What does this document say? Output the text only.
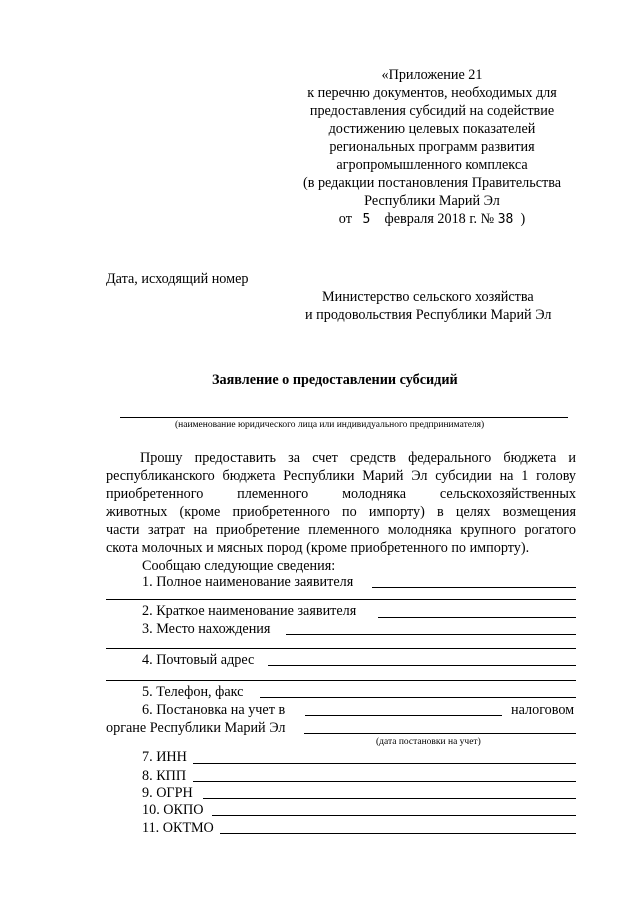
«Приложение 21
к перечню документов, необходимых для
предоставления субсидий на содействие
достижению целевых показателей
региональных программ развития
агропромышленного комплекса
(в редакции постановления Правительства
Республики Марий Эл
от 5 февраля 2018 г. № 38 )
Дата, исходящий номер
Министерство сельского хозяйства
и продовольствия Республики Марий Эл
Заявление о предоставлении субсидий
(наименование юридического лица или индивидуального предпринимателя)
Прошу предоставить за счет средств федерального бюджета и
республиканского бюджета Республики Марий Эл субсидии на 1 голову
приобретенного племенного молодняка сельскохозяйственных
животных (кроме приобретенного по импорту) в целях возмещения
части затрат на приобретение племенного молодняка крупного рогатого
скота молочных и мясных пород (кроме приобретенного по импорту).
Сообщаю следующие сведения:
1. Полное наименование заявителя
2. Краткое наименование заявителя
3. Место нахождения
4. Почтовый адрес
5. Телефон, факс
6. Постановка на учет в	налоговом
органе Республики Марий Эл
(дата постановки на учет)
7. ИНН
8. КПП
9. ОГРН
10. ОКПО
11. ОКТМО
